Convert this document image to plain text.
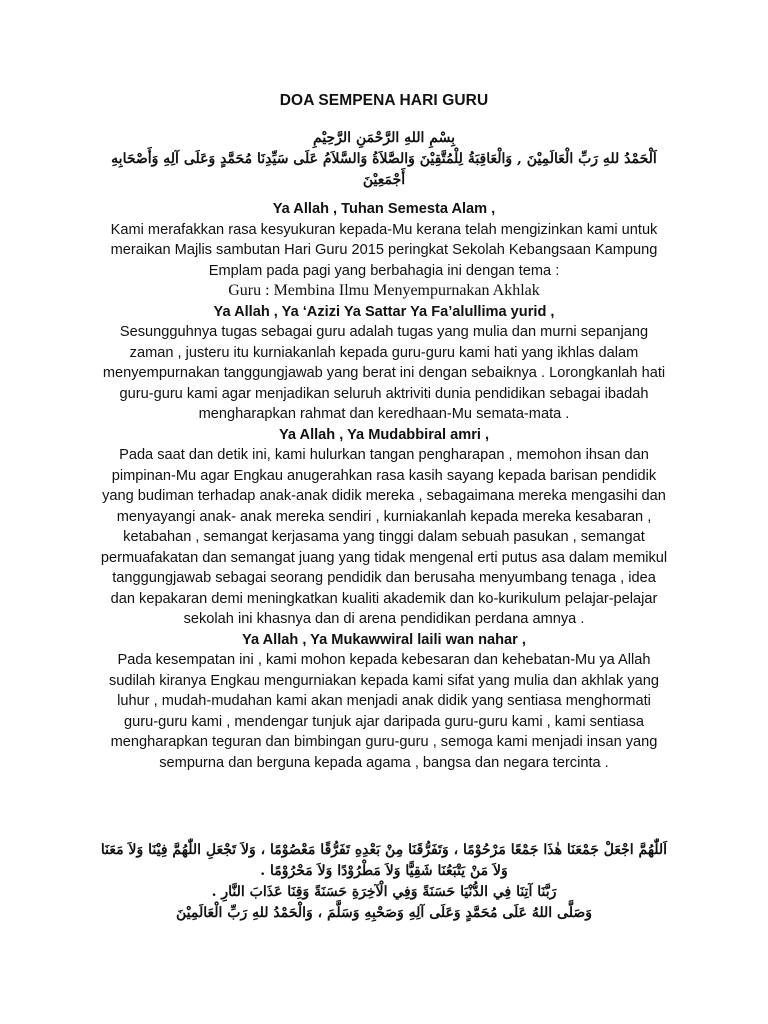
DOA SEMPENA HARI GURU
بِسْمِ اللهِ الرَّحْمَنِ الرَّحِيْمِ
اَلْحَمْدُ للهِ رَبِّ الْعَالَمِيْنَ , وَالْعَاقِبَةُ لِلْمُتَّقِيْنَ وَالصَّلاَةُ وَالسَّلاَمُ عَلَى سَيِّدِنَا مُحَمَّدٍ وَعَلَى آلِهِ وَأَصْحَابِهِ أَجْمَعِيْنَ

Ya Allah , Tuhan Semesta Alam ,

Kami merafakkan rasa kesyukuran kepada-Mu kerana telah mengizinkan kami untuk meraikan Majlis sambutan Hari Guru 2015 peringkat Sekolah Kebangsaan Kampung Emplam pada pagi yang berbahagia ini dengan tema :

Guru : Membina Ilmu Menyempurnakan Akhlak

Ya Allah , Ya ‘Azizi Ya Sattar Ya Fa’alullima yurid ,

Sesungguhnya tugas sebagai guru adalah tugas yang mulia dan murni sepanjang zaman , justeru itu kurniakanlah kepada guru-guru kami hati yang ikhlas dalam menyempurnakan tanggungjawab yang berat ini dengan sebaiknya . Lorongkanlah hati guru-guru kami agar menjadikan seluruh aktriviti dunia pendidikan sebagai ibadah mengharapkan rahmat dan keredhaan-Mu semata-mata .

Ya Allah , Ya Mudabbiral amri ,

Pada saat dan detik ini, kami hulurkan tangan pengharapan , memohon ihsan dan pimpinan-Mu agar Engkau anugerahkan rasa kasih sayang kepada barisan pendidik yang budiman terhadap anak-anak didik mereka , sebagaimana mereka mengasihi dan menyayangi anak- anak mereka sendiri , kurniakanlah kepada mereka kesabaran , ketabahan , semangat kerjasama yang tinggi dalam sebuah pasukan , semangat permuafakatan dan semangat juang yang tidak mengenal erti putus asa dalam memikul tanggungjawab sebagai seorang pendidik dan berusaha menyumbang tenaga , idea dan kepakaran demi meningkatkan kualiti akademik dan ko-kurikulum pelajar-pelajar sekolah ini khasnya dan di arena pendidikan perdana amnya .

Ya Allah , Ya Mukawwiral laili wan nahar ,

Pada kesempatan ini , kami mohon kepada kebesaran dan kehebatan-Mu ya Allah sudilah kiranya Engkau mengurniakan kepada kami sifat yang mulia dan akhlak yang luhur , mudah-mudahan kami akan menjadi anak didik yang sentiasa menghormati guru-guru kami , mendengar tunjuk ajar daripada guru-guru kami , kami sentiasa mengharapkan teguran dan bimbingan guru-guru , semoga kami menjadi insan yang sempurna dan berguna kepada agama , bangsa dan negara tercinta .

اَللّٰهُمَّ اجْعَلْ جَمْعَنَا هٰذَا جَمْعًا مَرْحُوْمًا ، وَتَفَرُّقَنَا مِنْ بَعْدِهِ تَفَرُّقًا مَعْصُوْمًا ، وَلاَ تَجْعَلِ اللّٰهُمَّ فِيْنَا وَلاَ مَعَنَا وَلاَ مَنْ يَتْبَعُنَا شَقِيًّا وَلاَ مَطْرُوْدًا وَلاَ مَحْرُوْمًا .

رَبَّنَا آتِنَا فِي الدُّنْيَا حَسَنَةً وَفِي الْآخِرَةِ حَسَنَةً وَقِنَا عَذَابَ النَّارِ .

وَصَلَّى اللهُ عَلَى مُحَمَّدٍ وَعَلَى آلِهِ وَصَحْبِهِ وَسَلَّمَ ، وَالْحَمْدُ للهِ رَبِّ الْعَالَمِيْنَ
